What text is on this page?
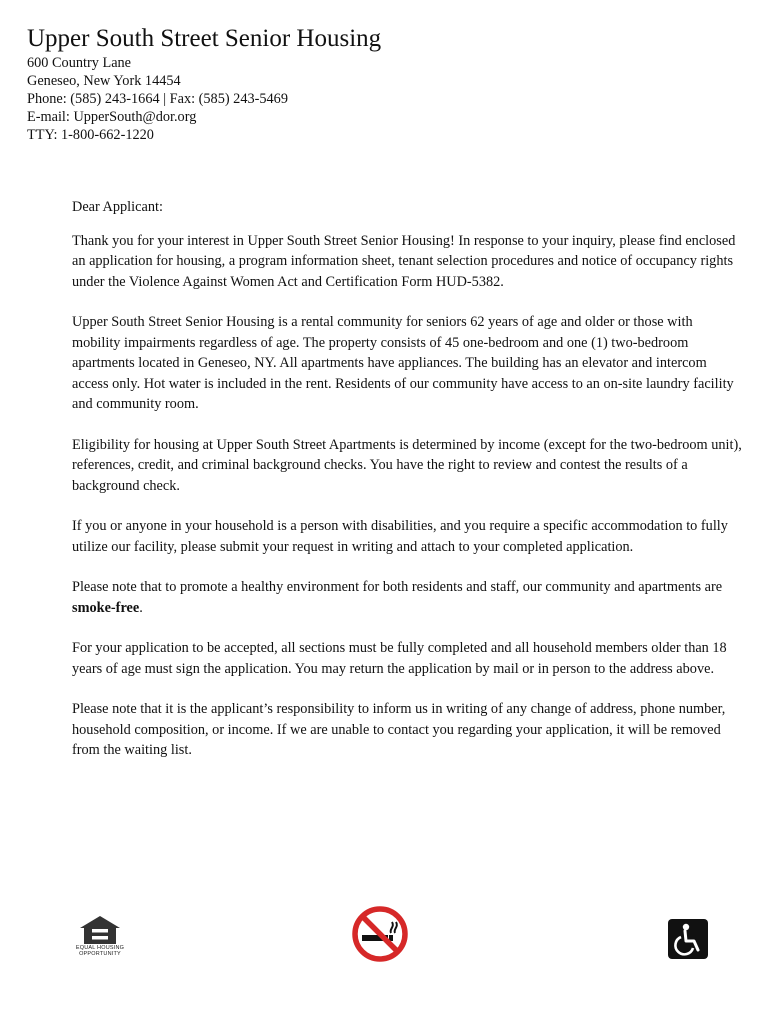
Upper South Street Senior Housing
600 Country Lane
Geneseo, New York 14454
Phone: (585) 243-1664 | Fax: (585) 243-5469
E-mail: UpperSouth@dor.org
TTY: 1-800-662-1220

Dear Applicant:

Thank you for your interest in Upper South Street Senior Housing! In response to your inquiry, please find enclosed an application for housing, a program information sheet, tenant selection procedures and notice of occupancy rights under the Violence Against Women Act and Certification Form HUD-5382.

Upper South Street Senior Housing is a rental community for seniors 62 years of age and older or those with mobility impairments regardless of age. The property consists of 45 one-bedroom and one (1) two-bedroom apartments located in Geneseo, NY. All apartments have appliances. The building has an elevator and intercom access only. Hot water is included in the rent. Residents of our community have access to an on-site laundry facility and community room.

Eligibility for housing at Upper South Street Apartments is determined by income (except for the two-bedroom unit), references, credit, and criminal background checks. You have the right to review and contest the results of a background check.

If you or anyone in your household is a person with disabilities, and you require a specific accommodation to fully utilize our facility, please submit your request in writing and attach to your completed application.

Please note that to promote a healthy environment for both residents and staff, our community and apartments are smoke-free.

For your application to be accepted, all sections must be fully completed and all household members older than 18 years of age must sign the application. You may return the application by mail or in person to the address above.

Please note that it is the applicant’s responsibility to inform us in writing of any change of address, phone number, household composition, or income. If we are unable to contact you regarding your application, it will be removed from the waiting list.

EQUAL HOUSING OPPORTUNITY
